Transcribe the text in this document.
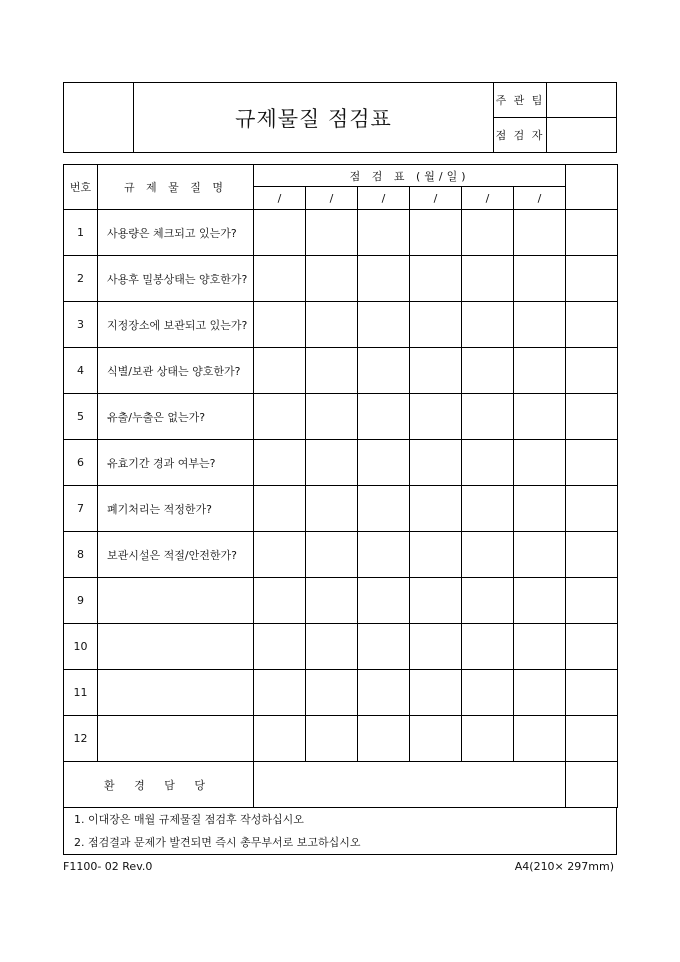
	규제물질 점검표	주 관 팀	
		점 검 자	
번호	규 제 물 질 명	점 검 표 (월/일)						
		/	/	/	/	/	/	
1	사용량은 체크되고 있는가?							
2	사용후 밀봉상태는 양호한가?							
3	지정장소에 보관되고 있는가?							
4	식별/보관 상태는 양호한가?							
5	유출/누출은 없는가?							
6	유효기간 경과 여부는?							
7	폐기처리는 적정한가?							
8	보관시설은 적절/안전한가?							
9								
10								
11								
12								
환 경 담 당								
1. 이대장은 매월 규제물질 점검후 작성하십시오
2. 점검결과 문제가 발견되면 즉시 총무부서로 보고하십시오
F1100- 02 Rev.0	A4(210× 297mm)
